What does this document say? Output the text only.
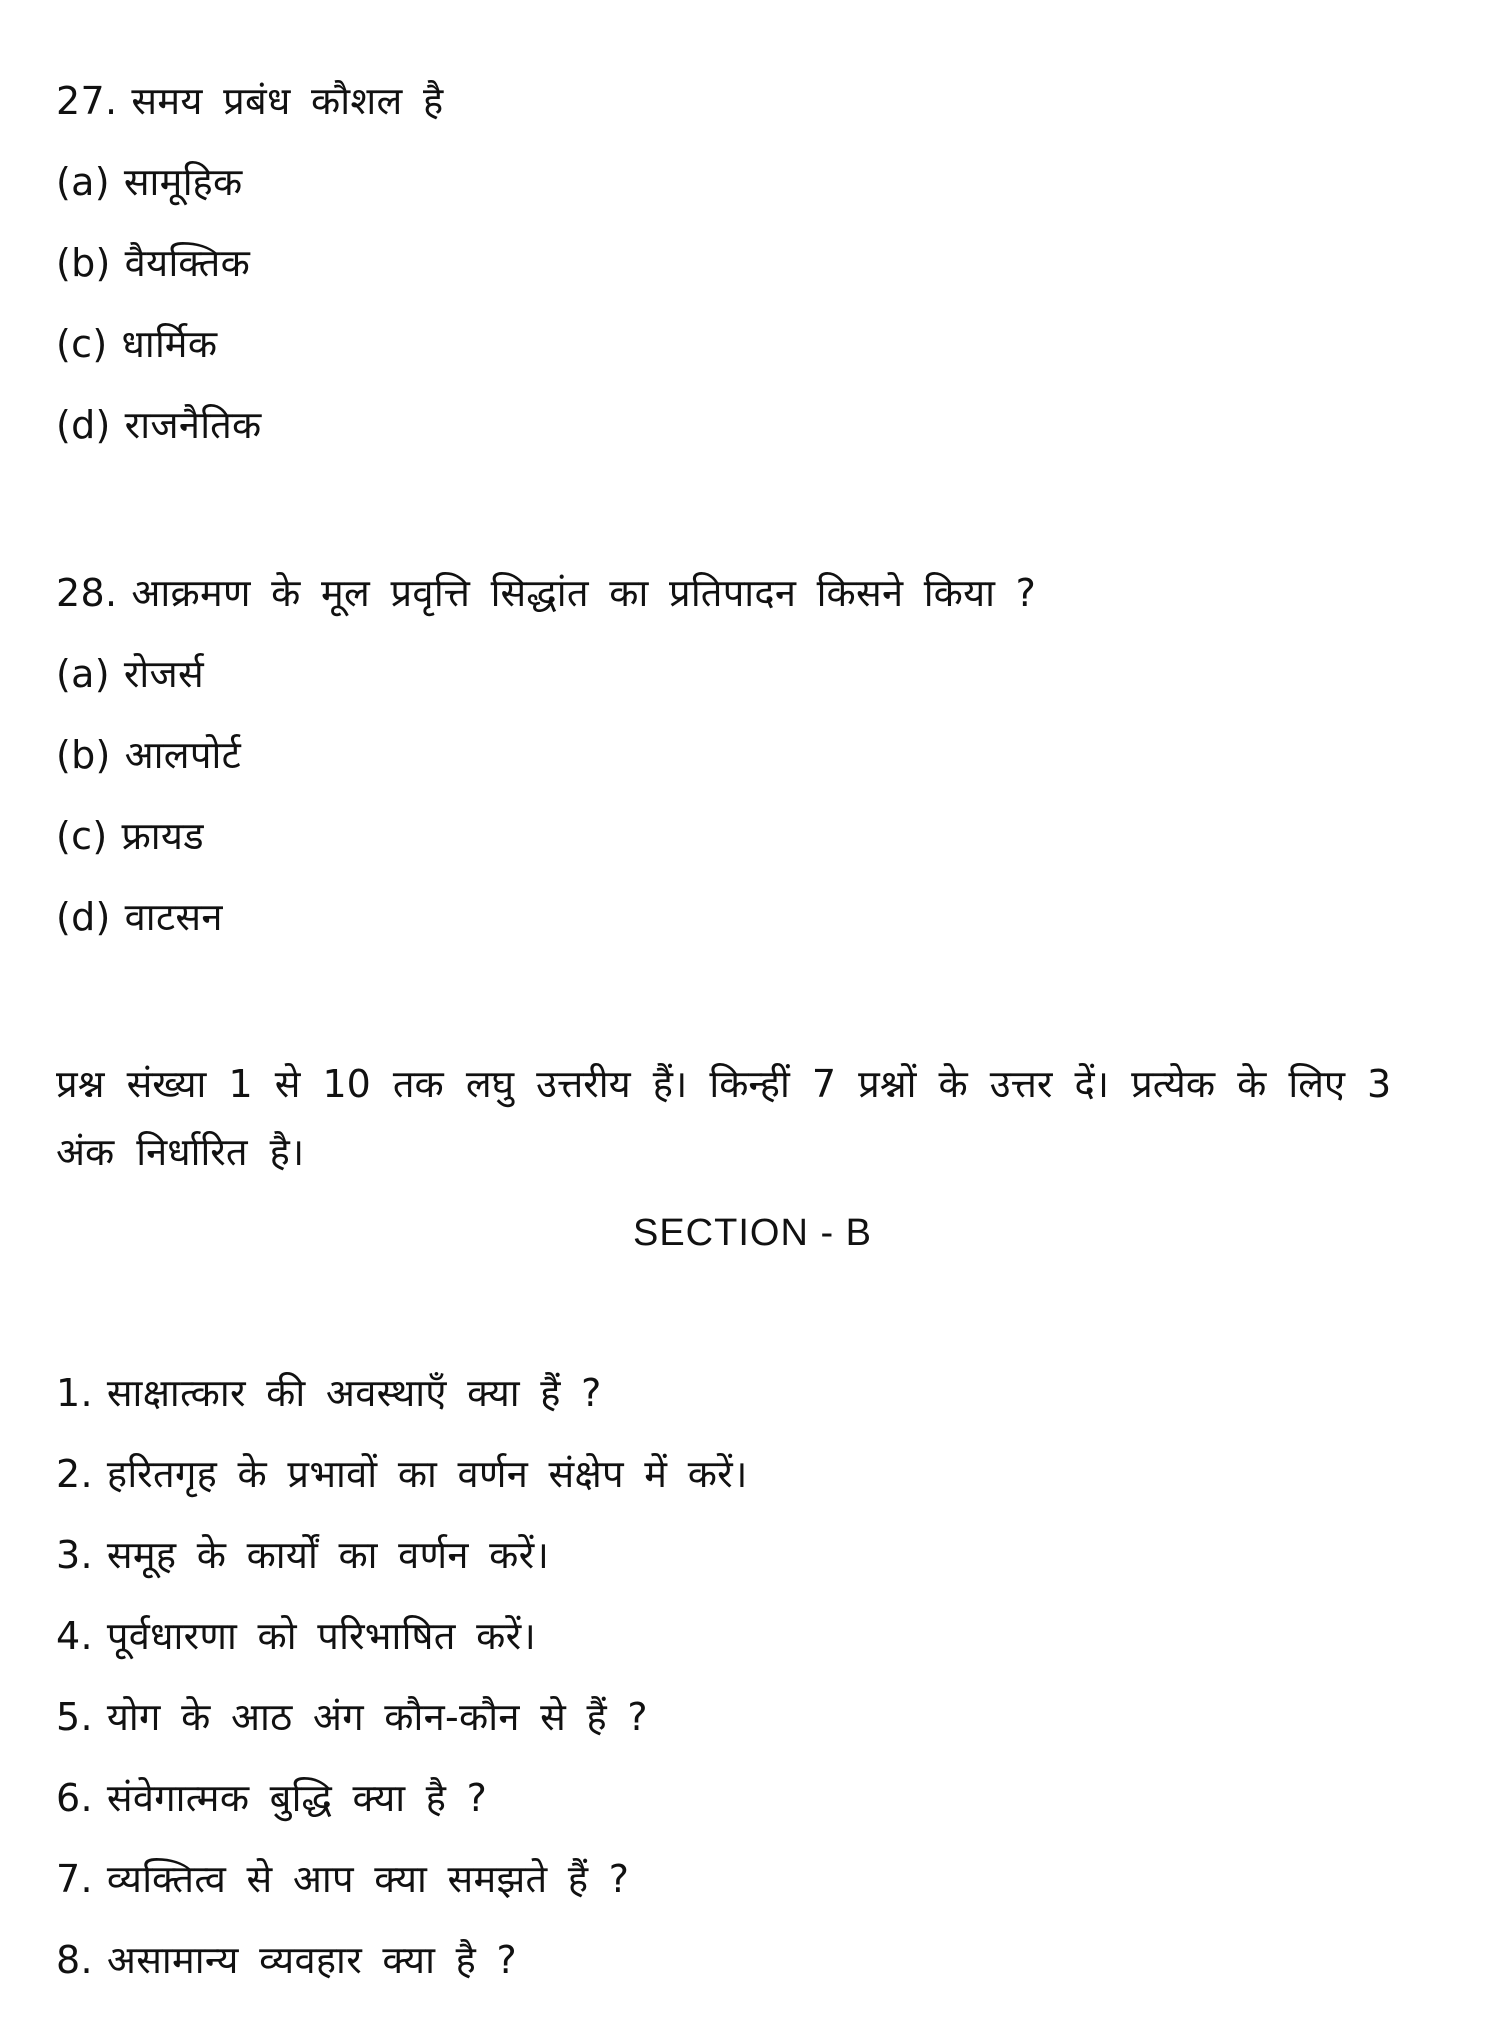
27. समय प्रबंध कौशल है

(a) सामूहिक

(b) वैयक्तिक

(c) धार्मिक

(d) राजनैतिक

28. आक्रमण के मूल प्रवृत्ति सिद्धांत का प्रतिपादन किसने किया ?

(a) रोजर्स

(b) आलपोर्ट

(c) फ्रायड

(d) वाटसन

प्रश्न संख्या 1 से 10 तक लघु उत्तरीय हैं। किन्हीं 7 प्रश्नों के उत्तर दें। प्रत्येक के लिए 3 अंक निर्धारित है।

SECTION - B

1. साक्षात्कार की अवस्थाएँ क्या हैं ?

2. हरितगृह के प्रभावों का वर्णन संक्षेप में करें।

3. समूह के कार्यों का वर्णन करें।

4. पूर्वधारणा को परिभाषित करें।

5. योग के आठ अंग कौन-कौन से हैं ?

6. संवेगात्मक बुद्धि क्या है ?

7. व्यक्तित्व से आप क्या समझते हैं ?

8. असामान्य व्यवहार क्या है ?
